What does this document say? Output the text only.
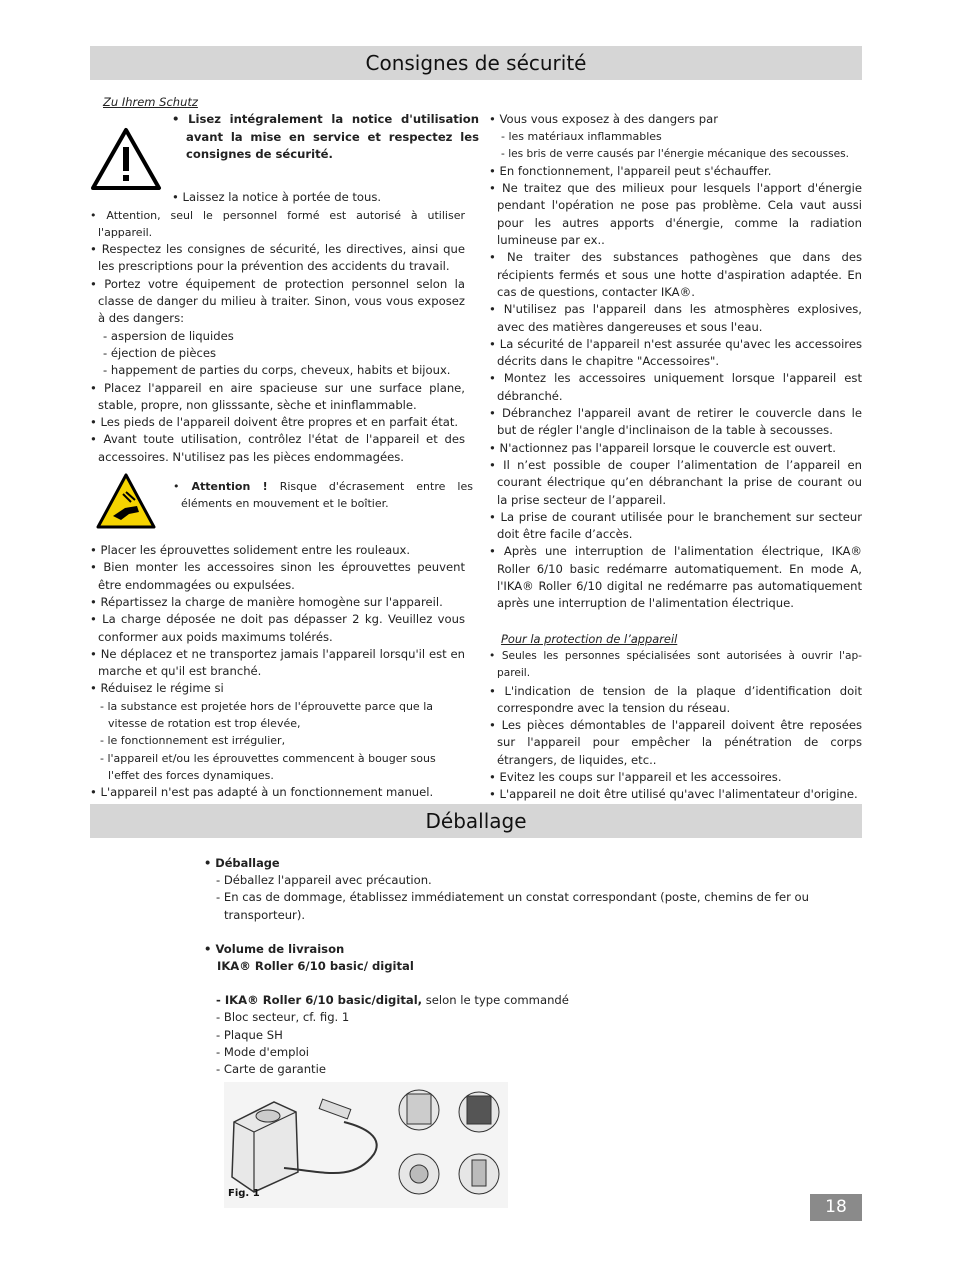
Consignes de sécurité

Zu Ihrem Schutz

• Lisez intégralement la notice d'utilisation avant la mise en service et respectez les consignes de sécurité.

• Laissez la notice à portée de tous.

• Attention, seul le personnel formé est autorisé à utiliser l'appareil.

• Respectez les consignes de sécurité, les directives, ainsi que les prescriptions pour la prévention des accidents du travail.

• Portez votre équipement de protection personnel selon la classe de danger du milieu à traiter. Sinon, vous vous exposez à des dangers:

- aspersion de liquides

- éjection de pièces

- happement de parties du corps, cheveux, habits et bijoux.

• Placez l'appareil en aire spacieuse sur une surface plane, stable, propre, non glisssante, sèche et ininflammable.

• Les pieds de l'appareil doivent être propres et en parfait état.

• Avant toute utilisation, contrôlez l'état de l'appareil et des accessoires. N'utilisez pas les pièces endommagées.

• Attention ! Risque d'écrasement entre les éléments en mouvement et le boîtier.

• Placer les éprouvettes solidement entre les rouleaux.

• Bien monter les accessoires sinon les éprouvettes peuvent être endommagées ou expulsées.

• Répartissez la charge de manière homogène sur l'appareil.

• La charge déposée ne doit pas dépasser 2 kg. Veuillez vous conformer aux poids maximums tolérés.

• Ne déplacez et ne transportez jamais l'appareil lorsqu'il est en marche et qu'il est branché.

• Réduisez le régime si

- la substance est projetée hors de l'éprouvette parce que la vitesse de rotation est trop élevée,

- le fonctionnement est irrégulier,

- l'appareil et/ou les éprouvettes commencent à bouger sous l'effet des forces dynamiques.

• L'appareil n'est pas adapté à un fonctionnement manuel.

• Vous vous exposez à des dangers par

- les matériaux inflammables

- les bris de verre causés par l'énergie mécanique des secousses.

• En fonctionnement, l'appareil peut s'échauffer.

• Ne traitez que des milieux pour lesquels l'apport d'énergie pendant l'opération ne pose pas problème. Cela vaut aussi pour les autres apports d'énergie, comme la radiation lumineuse par ex..

• Ne traiter des substances pathogènes que dans des récipients fermés et sous une hotte d'aspiration adaptée. En cas de questions, contacter IKA®.

• N'utilisez pas l'appareil dans les atmosphères explosives, avec des matières dangereuses et sous l'eau.

• La sécurité de l'appareil n'est assurée qu'avec les accessoires décrits dans le chapitre "Accessoires".

• Montez les accessoires uniquement lorsque l'appareil est débranché.

• Débranchez l'appareil avant de retirer le couvercle dans le but de régler l'angle d'inclinaison de la table à secousses.

• N'actionnez pas l'appareil lorsque le couvercle est ouvert.

• Il n’est possible de couper l’alimentation de l’appareil en courant électrique qu’en débranchant la prise de courant ou la prise secteur de l’appareil.

• La prise de courant utilisée pour le branchement sur secteur doit être facile d’accès.

• Après une interruption de l'alimentation électrique, IKA® Roller 6/10 basic redémarre automatiquement. En mode A, l'IKA® Roller 6/10 digital ne redémarre pas automatiquement après une interruption de l'alimentation électrique.

Pour la protection de l’appareil

• Seules les personnes spécialisées sont autorisées à ouvrir l'ap-pareil.

• L'indication de tension de la plaque d’identification doit correspondre avec la tension du réseau.

• Les pièces démontables de l'appareil doivent être reposées sur l'appareil pour empêcher la pénétration de corps étrangers, de liquides, etc..

• Evitez les coups sur l'appareil et les accessoires.

• L'appareil ne doit être utilisé qu'avec l'alimentateur d'origine.

Déballage

• Déballage

- Déballez l'appareil avec précaution.

- En cas de dommage, établissez immédiatement un constat correspondant (poste, chemins de fer ou transporteur).

• Volume de livraison

IKA® Roller 6/10 basic/ digital

- IKA® Roller 6/10 basic/digital, selon le type commandé

- Bloc secteur, cf. fig. 1

- Plaque SH

- Mode d'emploi

- Carte de garantie

Fig. 1
18
